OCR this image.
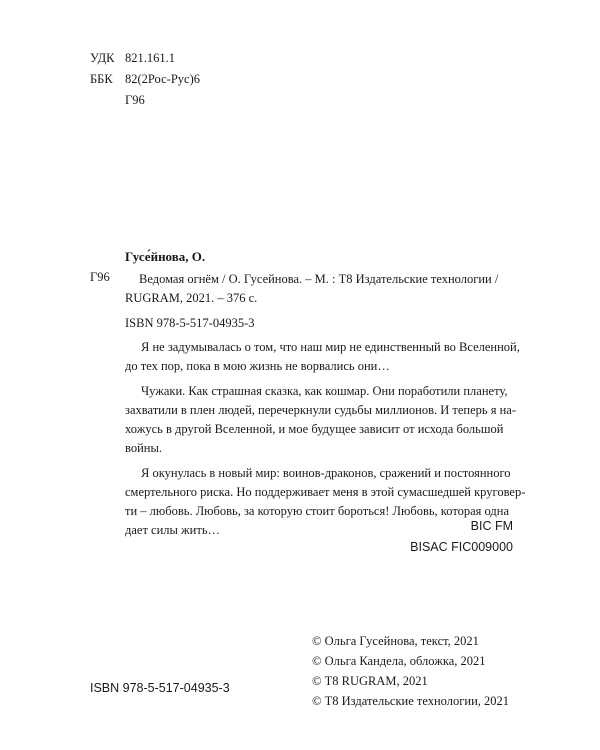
УДК 821.161.1
ББК 82(2Рос-Рус)6
Г96
Гусе́йнова, О.
Г96	Ведомая огнём / О. Гусейнова. – М. : Т8 Издательские технологии /
RUGRAM, 2021. – 376 с.
ISBN 978-5-517-04935-3
Я не задумывалась о том, что наш мир не единственный во Вселенной,
до тех пор, пока в мою жизнь не ворвались они…
Чужаки. Как страшная сказка, как кошмар. Они поработили планету,
захватили в плен людей, перечеркнули судьбы миллионов. И теперь я на-
хожусь в другой Вселенной, и мое будущее зависит от исхода большой
войны.
Я окунулась в новый мир: воинов-драконов, сражений и постоянного
смертельного риска. Но поддерживает меня в этой сумасшедшей круговер-
ти – любовь. Любовь, за которую стоит бороться! Любовь, которая одна
дает силы жить…	BIC FM
BISAC FIC009000
© Ольга Гусейнова, текст, 2021
© Ольга Кандела, обложка, 2021
© Т8 RUGRAM, 2021
© Т8 Издательские технологии, 2021
ISBN 978-5-517-04935-3
